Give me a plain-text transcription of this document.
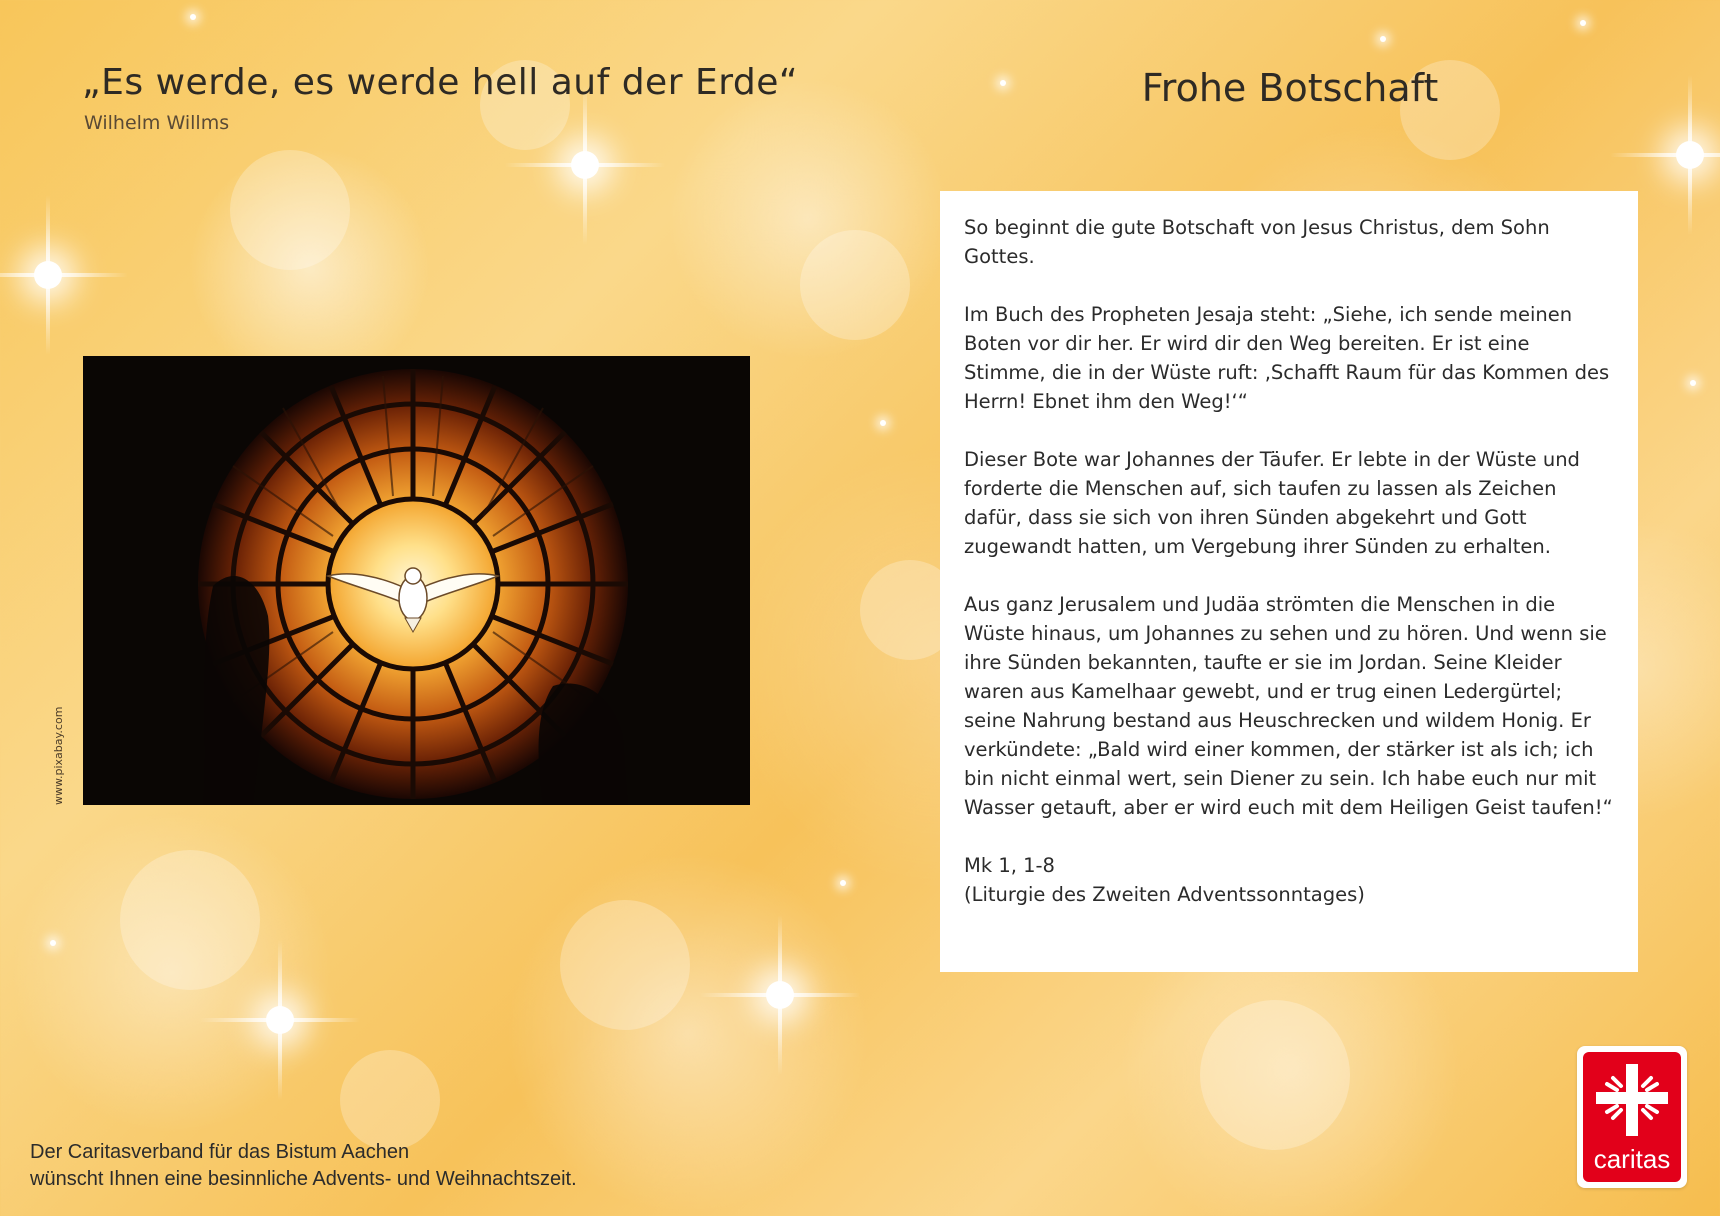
„Es werde, es werde hell auf der Erde“
Wilhelm Willms
Frohe Botschaft
www.pixabay.com

So beginnt die gute Botschaft von Jesus Christus, dem Sohn Gottes.

Im Buch des Propheten Jesaja steht: „Siehe, ich sende meinen Boten vor dir her. Er wird dir den Weg bereiten. Er ist eine Stimme, die in der Wüste ruft: ‚Schafft Raum für das Kommen des Herrn! Ebnet ihm den Weg!‘“

Dieser Bote war Johannes der Täufer. Er lebte in der Wüste und forderte die Menschen auf, sich taufen zu lassen als Zeichen dafür, dass sie sich von ihren Sünden abgekehrt und Gott zugewandt hatten, um Vergebung ihrer Sünden zu erhalten.

Aus ganz Jerusalem und Judäa strömten die Menschen in die Wüste hinaus, um Johannes zu sehen und zu hören. Und wenn sie ihre Sünden bekannten, taufte er sie im Jordan. Seine Kleider waren aus Kamelhaar gewebt, und er trug einen Ledergürtel; seine Nahrung bestand aus Heuschrecken und wildem Honig. Er verkündete: „Bald wird einer kommen, der stärker ist als ich; ich bin nicht einmal wert, sein Diener zu sein. Ich habe euch nur mit Wasser getauft, aber er wird euch mit dem Heiligen Geist taufen!“

Mk 1, 1-8
(Liturgie des Zweiten Adventssonntages)

Der Caritasverband für das Bistum Aachen
wünscht Ihnen eine besinnliche Advents- und Weihnachtszeit.
caritas
